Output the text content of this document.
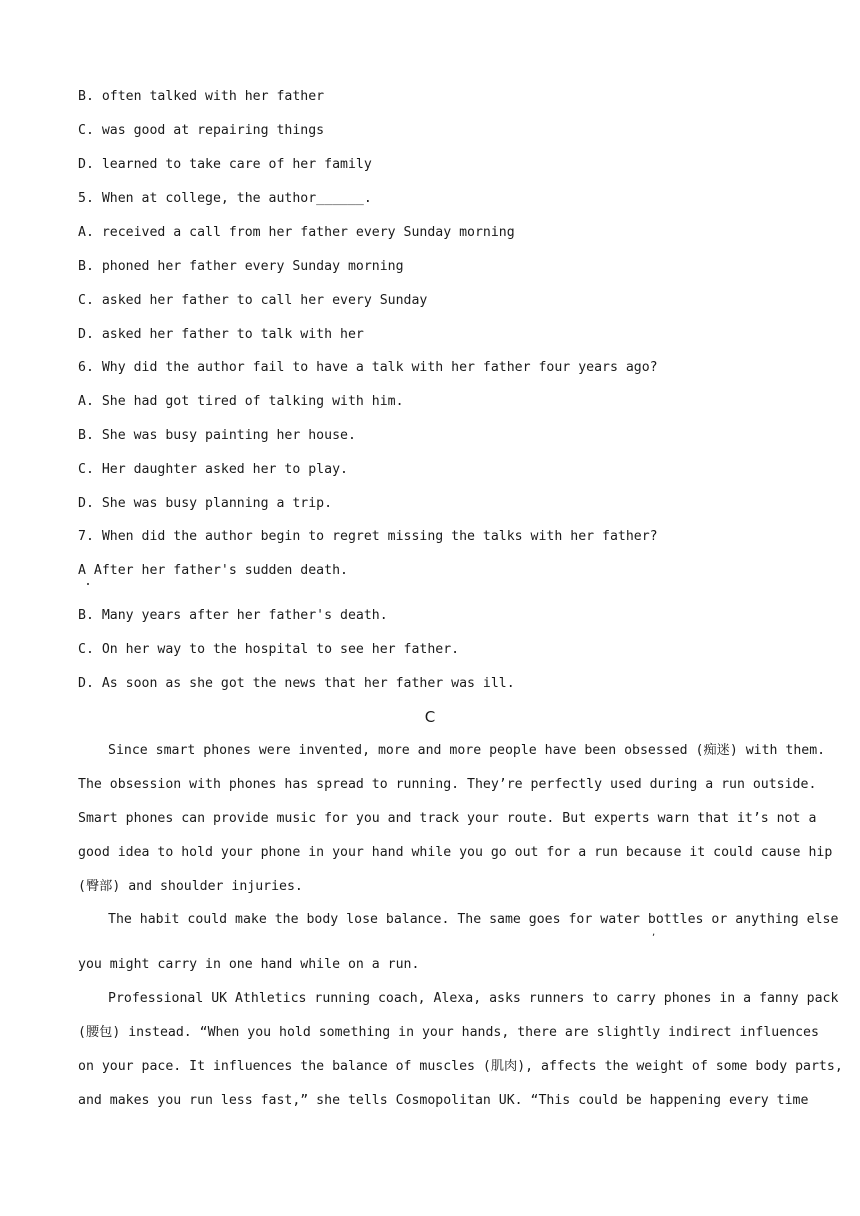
B. often talked with her father
C. was good at repairing things
D. learned to take care of her family
5. When at college, the author______.
A. received a call from her father every Sunday morning
B. phoned her father every Sunday morning
C. asked her father to call her every Sunday
D. asked her father to talk with her
6. Why did the author fail to have a talk with her father four years ago?
A. She had got tired of talking with him.
B. She was busy painting her house.
C. Her daughter asked her to play.
D. She was busy planning a trip.
7. When did the author begin to regret missing the talks with her father?
A After her father's sudden death.
B. Many years after her father's death.
C. On her way to the hospital to see her father.
D. As soon as she got the news that her father was ill.
C
Since smart phones were invented, more and more people have been obsessed (痴迷) with them.
The obsession with phones has spread to running. They’re perfectly used during a run outside.
Smart phones can provide music for you and track your route. But experts warn that it’s not a
good idea to hold your phone in your hand while you go out for a run because it could cause hip
(臀部) and shoulder injuries.
The habit could make the body lose balance. The same goes for water bottles or anything else
,
you might carry in one hand while on a run.
Professional UK Athletics running coach, Alexa, asks runners to carry phones in a fanny pack
(腰包) instead. “When you hold something in your hands, there are slightly indirect influences
on your pace. It influences the balance of muscles (肌肉), affects the weight of some body parts,
and makes you run less fast,” she tells Cosmopolitan UK. “This could be happening every time
